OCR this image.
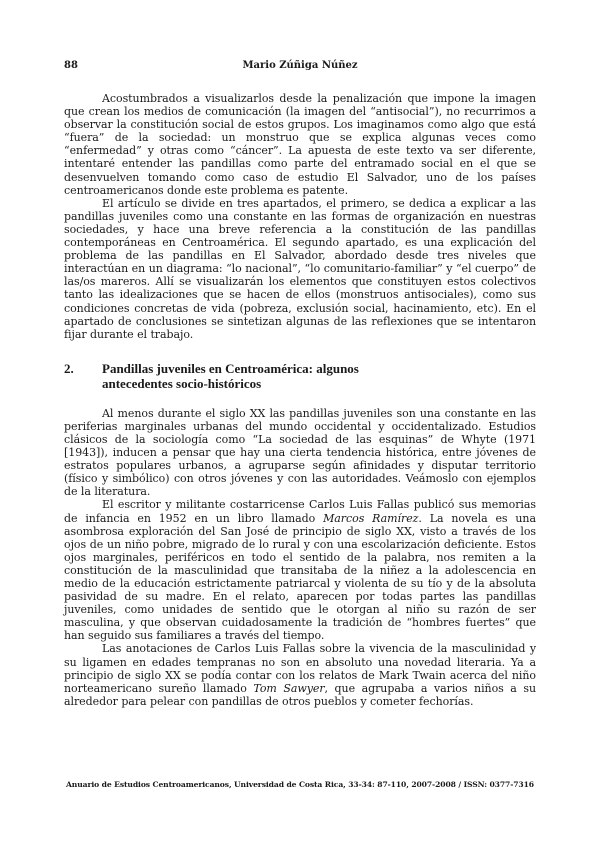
88	Mario Zúñiga Núñez

Acostumbrados a visualizarlos desde la penalización que impone la imagen que crean los medios de comunicación (la imagen del “antisocial”), no recurrimos a observar la constitución social de estos grupos. Los imaginamos como algo que está “fuera” de la sociedad: un monstruo que se explica algunas veces como “enfermedad” y otras como “cáncer”. La apuesta de este texto va ser diferente, intentaré entender las pandillas como parte del entramado social en el que se desenvuelven tomando como caso de estudio El Salvador, uno de los países centroamericanos donde este problema es patente.

El artículo se divide en tres apartados, el primero, se dedica a explicar a las pandillas juveniles como una constante en las formas de organización en nuestras sociedades, y hace una breve referencia a la constitución de las pandillas contemporáneas en Centroamérica. El segundo apartado, es una explicación del problema de las pandillas en El Salvador, abordado desde tres niveles que interactúan en un diagrama: “lo nacional”, “lo comunitario-familiar” y “el cuerpo” de las/os mareros. Allí se visualizarán los elementos que constituyen estos colectivos tanto las idealizaciones que se hacen de ellos (monstruos antisociales), como sus condiciones concretas de vida (pobreza, exclusión social, hacinamiento, etc). En el apartado de conclusiones se sintetizan algunas de las reflexiones que se intentaron fijar durante el trabajo.

2.	Pandillas juveniles en Centroamérica: algunos antecedentes socio-históricos

Al menos durante el siglo XX las pandillas juveniles son una constante en las periferias marginales urbanas del mundo occidental y occidentalizado. Estudios clásicos de la sociología como “La sociedad de las esquinas” de Whyte (1971 [1943]), inducen a pensar que hay una cierta tendencia histórica, entre jóvenes de estratos populares urbanos, a agruparse según afinidades y disputar territorio (físico y simbólico) con otros jóvenes y con las autoridades. Veámoslo con ejemplos de la literatura.

El escritor y militante costarricense Carlos Luis Fallas publicó sus memorias de infancia en 1952 en un libro llamado Marcos Ramírez. La novela es una asombrosa exploración del San José de principio de siglo XX, visto a través de los ojos de un niño pobre, migrado de lo rural y con una escolarización deficiente. Estos ojos marginales, periféricos en todo el sentido de la palabra, nos remiten a la constitución de la masculinidad que transitaba de la niñez a la adolescencia en medio de la educación estrictamente patriarcal y violenta de su tío y de la absoluta pasividad de su madre. En el relato, aparecen por todas partes las pandillas juveniles, como unidades de sentido que le otorgan al niño su razón de ser masculina, y que observan cuidadosamente la tradición de “hombres fuertes” que han seguido sus familiares a través del tiempo.

Las anotaciones de Carlos Luis Fallas sobre la vivencia de la masculinidad y su ligamen en edades tempranas no son en absoluto una novedad literaria. Ya a principio de siglo XX se podía contar con los relatos de Mark Twain acerca del niño norteamericano sureño llamado Tom Sawyer, que agrupaba a varios niños a su alrededor para pelear con pandillas de otros pueblos y cometer fechorías.

Anuario de Estudios Centroamericanos, Universidad de Costa Rica, 33-34: 87-110, 2007-2008 / ISSN: 0377-7316
